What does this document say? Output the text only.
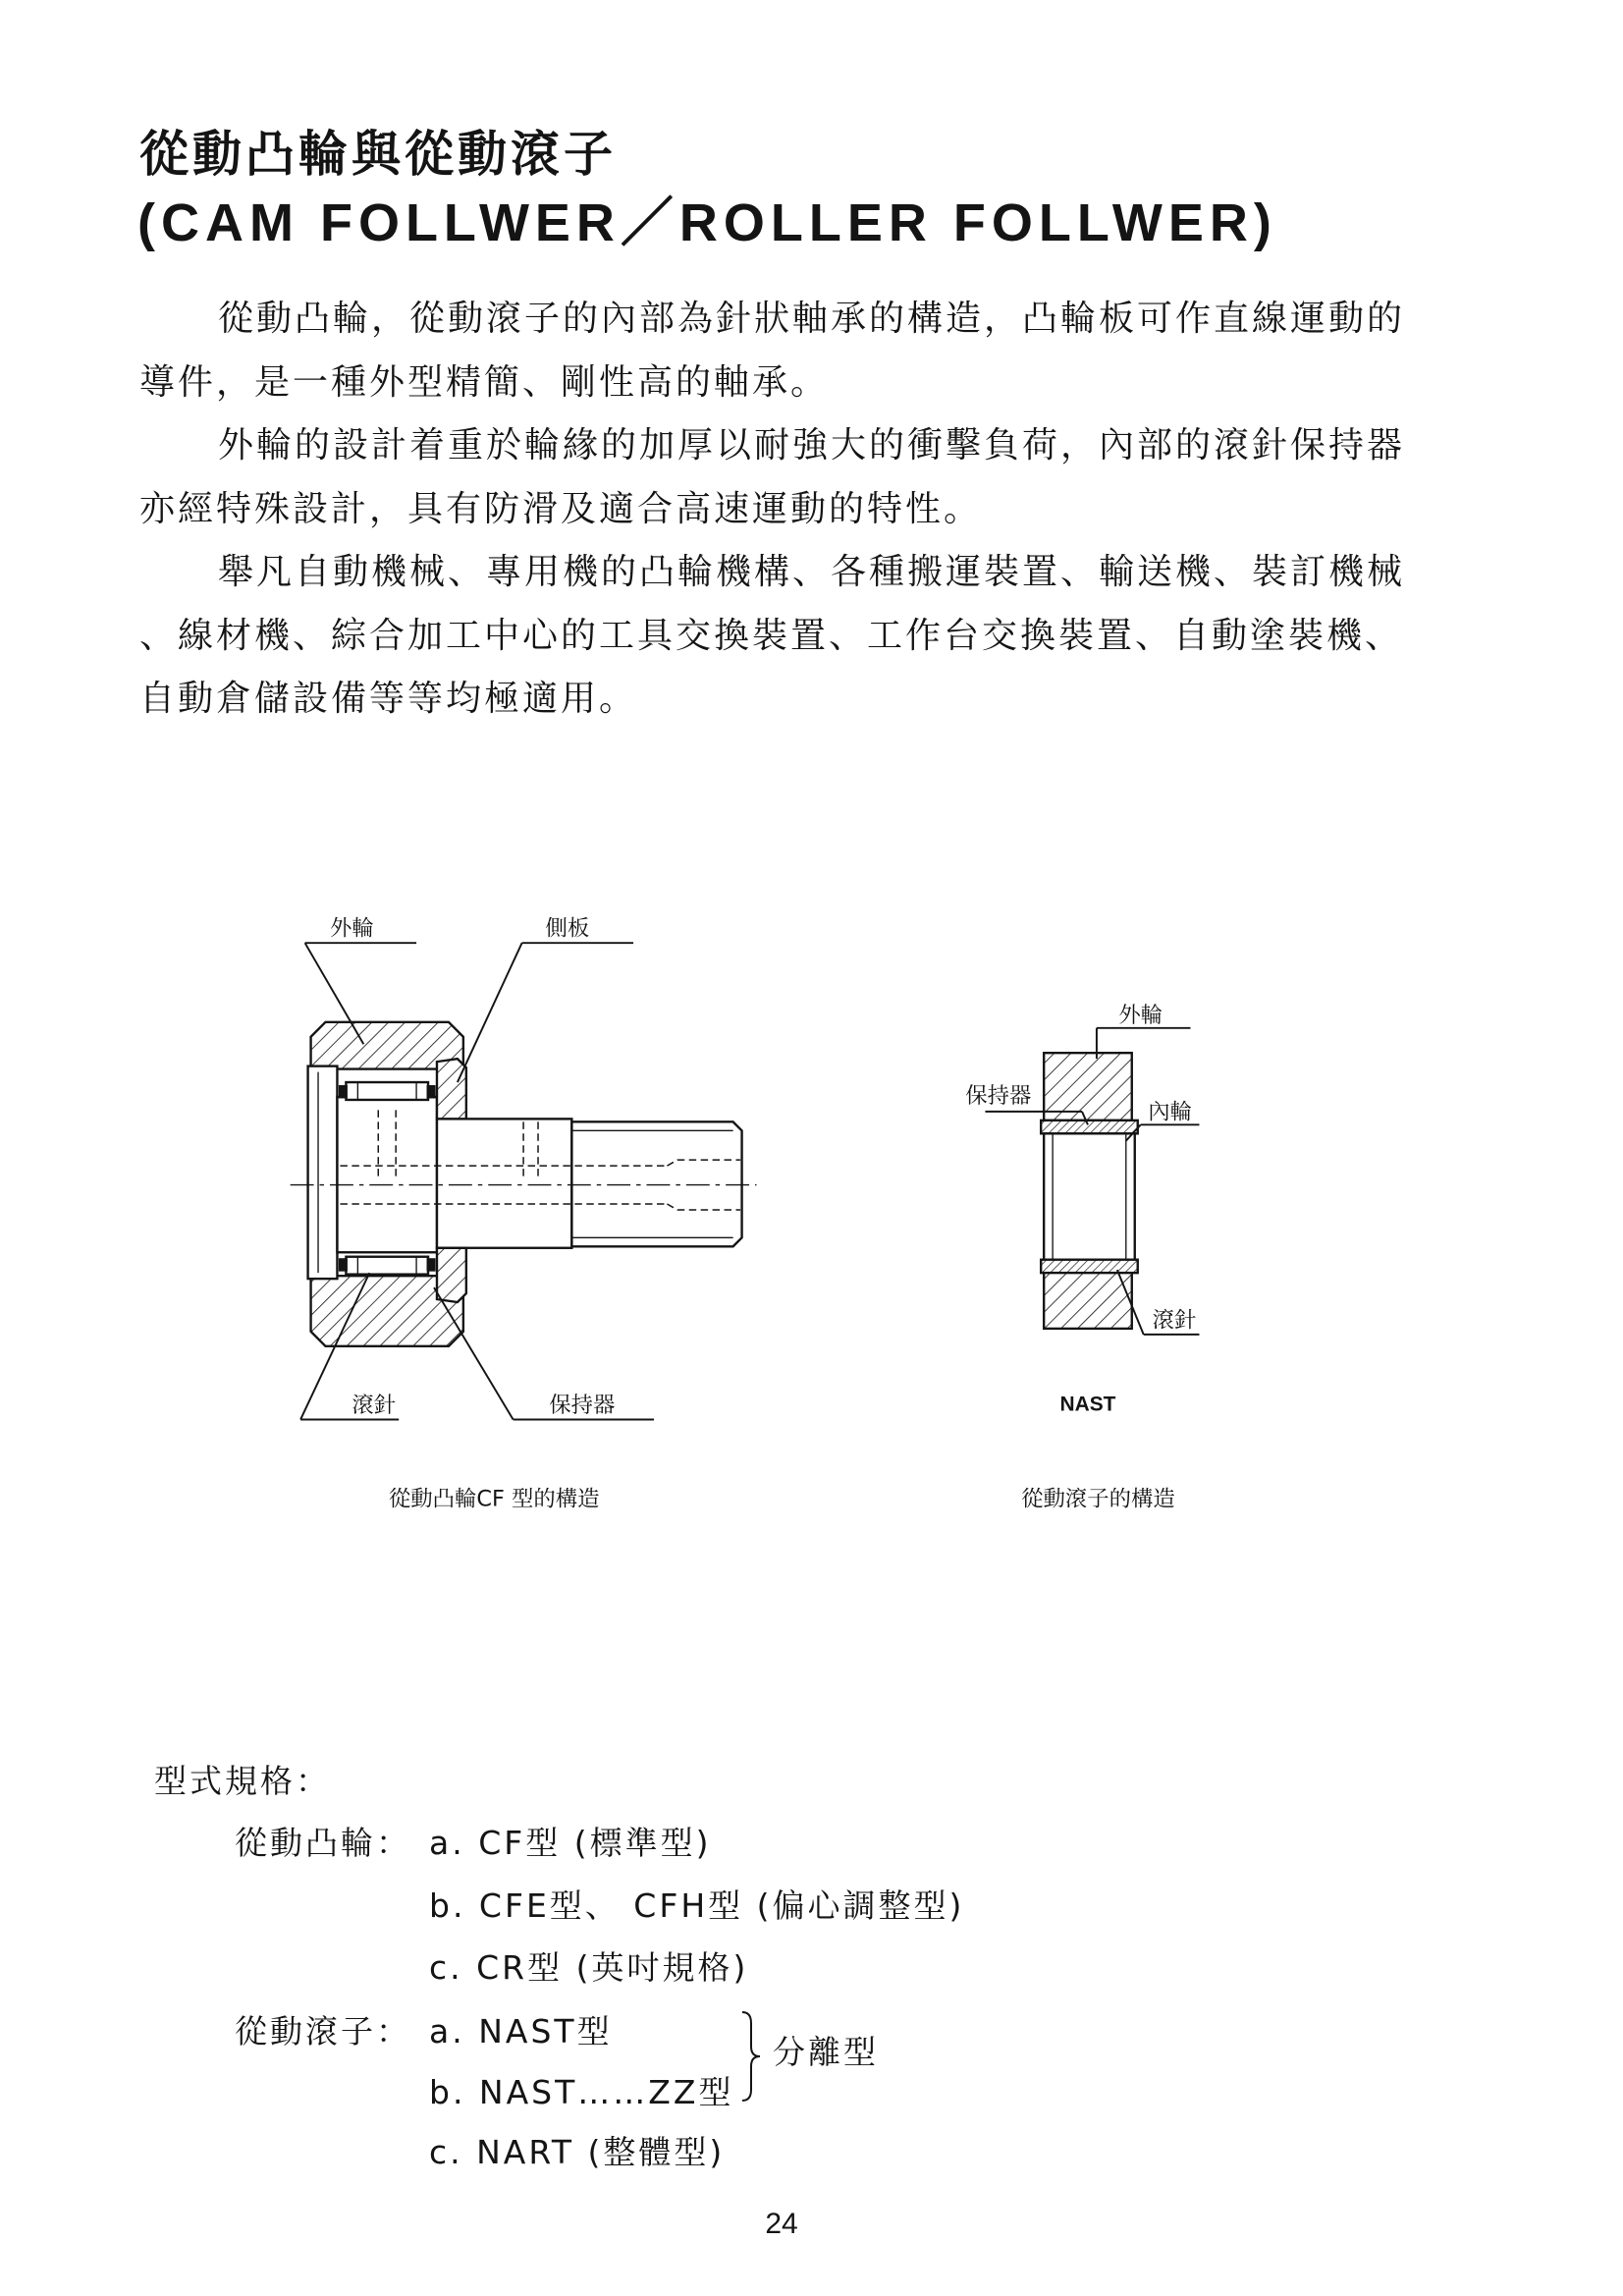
從動凸輪與從動滾子
(CAM FOLLWER／ROLLER FOLLWER)
從動凸輪，從動滾子的內部為針狀軸承的構造，凸輪板可作直線運動的
導件，是一種外型精簡、剛性高的軸承。
外輪的設計着重於輪緣的加厚以耐強大的衝擊負荷，內部的滾針保持器
亦經特殊設計，具有防滑及適合高速運動的特性。
舉凡自動機械、專用機的凸輪機構、各種搬運裝置、輸送機、裝訂機械
、線材機、綜合加工中心的工具交換裝置、工作台交換裝置、自動塗裝機、
自動倉儲設備等等均極適用。
外輪	側板
滾針	保持器
從動凸輪CF 型的構造
外輪
保持器
內輪
滾針
NAST
從動滾子的構造
型式規格：
從動凸輪： a. CF型 (標準型)
b. CFE型、 CFH型 (偏心調整型)
c. CR型 (英吋規格)
從動滾子： a. NAST型
b. NAST……ZZ型
c. NART (整體型)
分離型
24
